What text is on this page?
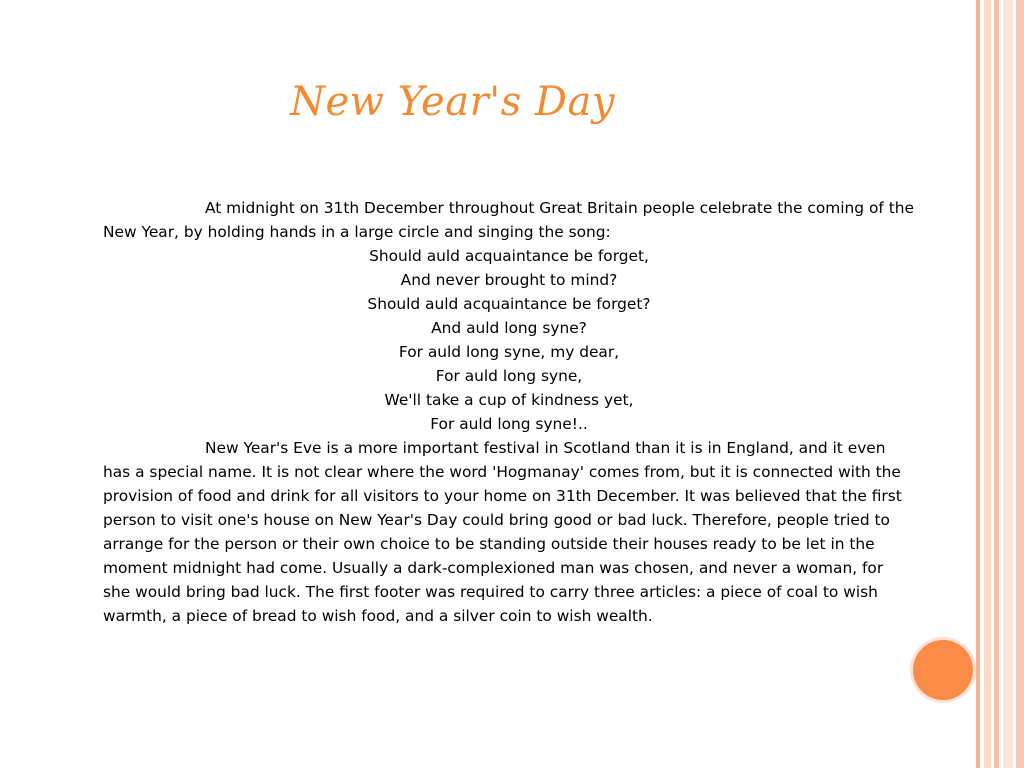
New Year's Day

At midnight on 31th December throughout Great Britain people celebrate the coming of the New Year, by holding hands in a large circle and singing the song:

Should auld acquaintance be forget,
And never brought to mind?
Should auld acquaintance be forget?
And auld long syne?
For auld long syne, my dear,
For auld long syne,
We'll take a cup of kindness yet,
For auld long syne!..

New Year's Eve is a more important festival in Scotland than it is in England, and it even has a special name. It is not clear where the word 'Hogmanay' comes from, but it is connected with the provision of food and drink for all visitors to your home on 31th December. It was believed that the first person to visit one's house on New Year's Day could bring good or bad luck. Therefore, people tried to arrange for the person or their own choice to be standing outside their houses ready to be let in the moment midnight had come. Usually a dark-complexioned man was chosen, and never a woman, for she would bring bad luck. The first footer was required to carry three articles: a piece of coal to wish warmth, a piece of bread to wish food, and a silver coin to wish wealth.
